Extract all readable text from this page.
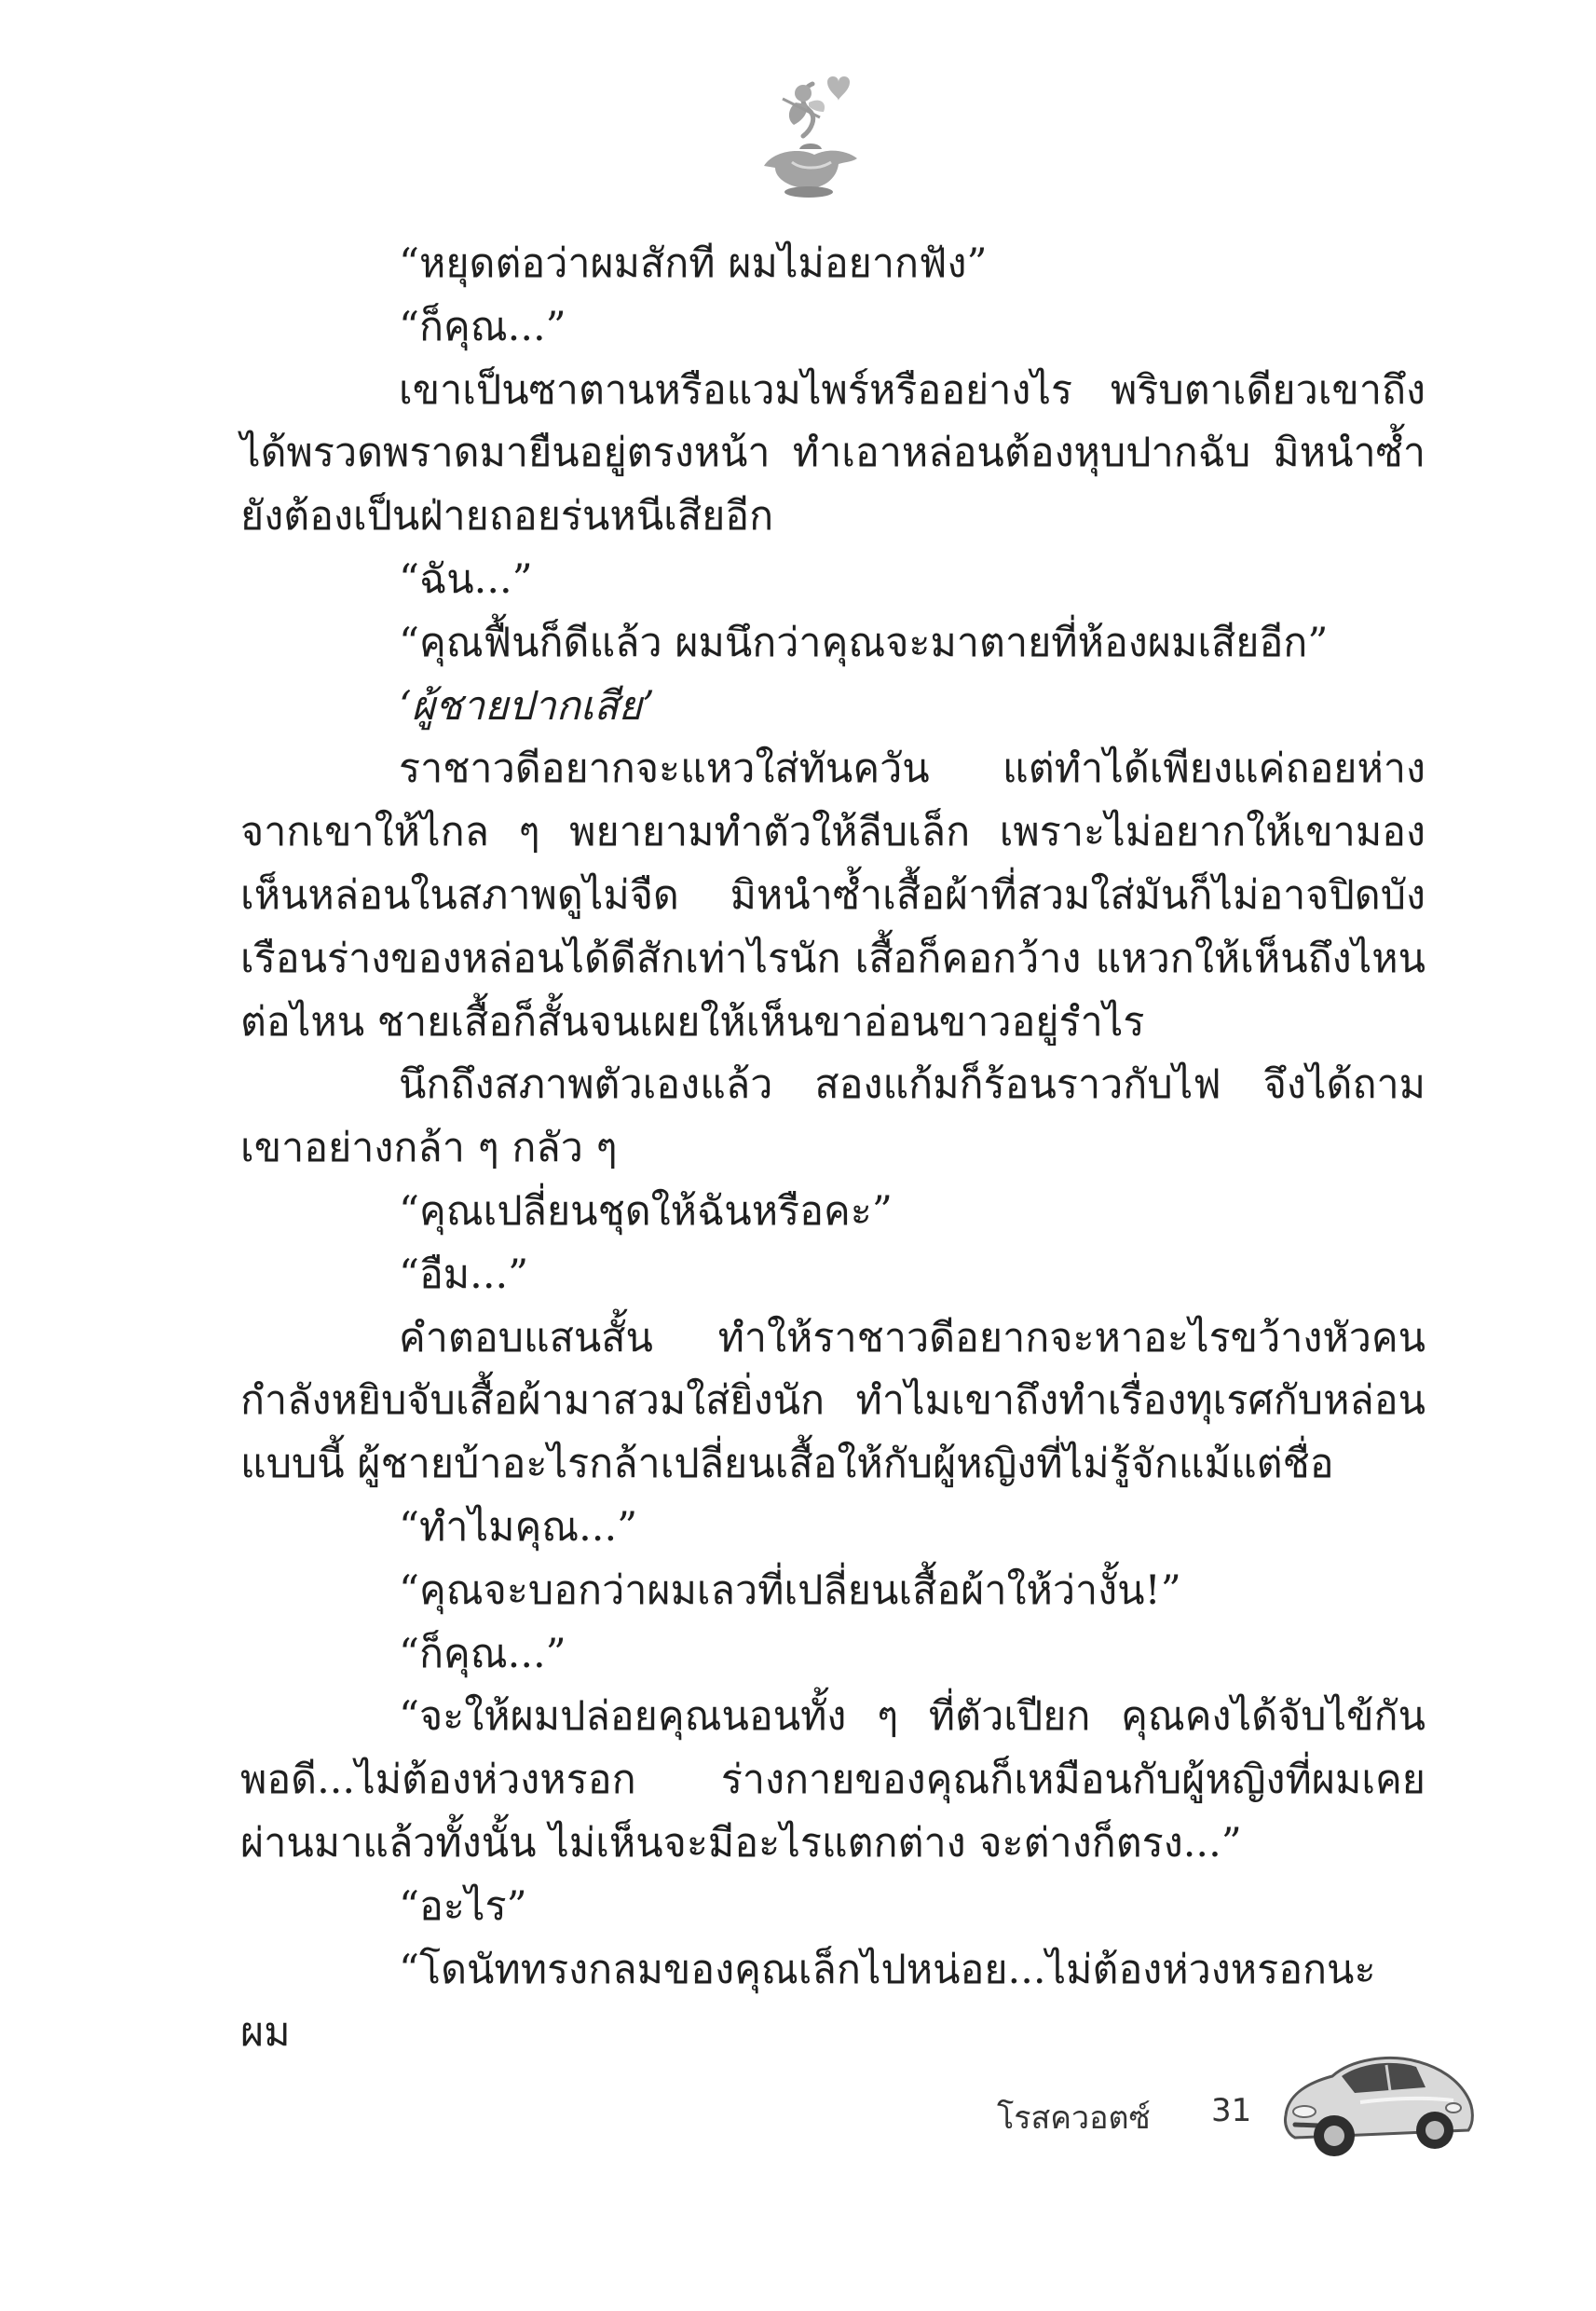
“หยุดต่อว่าผมสักที ผมไม่อยากฟัง”

“ก็คุณ...”

เขาเป็นซาตานหรือแวมไพร์หรืออย่างไร พริบตาเดียวเขาถึงได้พรวดพราดมายืนอยู่ตรงหน้า ทำเอาหล่อนต้องหุบปากฉับ มิหนำซ้ำยังต้องเป็นฝ่ายถอยร่นหนีเสียอีก

“ฉัน...”

“คุณฟื้นก็ดีแล้ว ผมนึกว่าคุณจะมาตายที่ห้องผมเสียอีก”

‘ผู้ชายปากเสีย’

ราชาวดีอยากจะแหวใส่ทันควัน แต่ทำได้เพียงแค่ถอยห่างจากเขาให้ไกล ๆ พยายามทำตัวให้ลีบเล็ก เพราะไม่อยากให้เขามองเห็นหล่อนในสภาพดูไม่จืด มิหนำซ้ำเสื้อผ้าที่สวมใส่มันก็ไม่อาจปิดบังเรือนร่างของหล่อนได้ดีสักเท่าไรนัก เสื้อก็คอกว้าง แหวกให้เห็นถึงไหนต่อไหน ชายเสื้อก็สั้นจนเผยให้เห็นขาอ่อนขาวอยู่รำไร

นึกถึงสภาพตัวเองแล้ว สองแก้มก็ร้อนราวกับไฟ จึงได้ถามเขาอย่างกล้า ๆ กลัว ๆ

“คุณเปลี่ยนชุดให้ฉันหรือคะ”

“อืม...”

คำตอบแสนสั้น ทำให้ราชาวดีอยากจะหาอะไรขว้างหัวคนกำลังหยิบจับเสื้อผ้ามาสวมใส่ยิ่งนัก ทำไมเขาถึงทำเรื่องทุเรศกับหล่อนแบบนี้ ผู้ชายบ้าอะไรกล้าเปลี่ยนเสื้อให้กับผู้หญิงที่ไม่รู้จักแม้แต่ชื่อ

“ทำไมคุณ...”

“คุณจะบอกว่าผมเลวที่เปลี่ยนเสื้อผ้าให้ว่างั้น!”

“ก็คุณ...”

“จะให้ผมปล่อยคุณนอนทั้ง ๆ ที่ตัวเปียก คุณคงได้จับไข้กันพอดี...ไม่ต้องห่วงหรอก ร่างกายของคุณก็เหมือนกับผู้หญิงที่ผมเคยผ่านมาแล้วทั้งนั้น ไม่เห็นจะมีอะไรแตกต่าง จะต่างก็ตรง...”

“อะไร”

“โดนัททรงกลมของคุณเล็กไปหน่อย...ไม่ต้องห่วงหรอกนะ ผม

โรสควอตซ์ 31
